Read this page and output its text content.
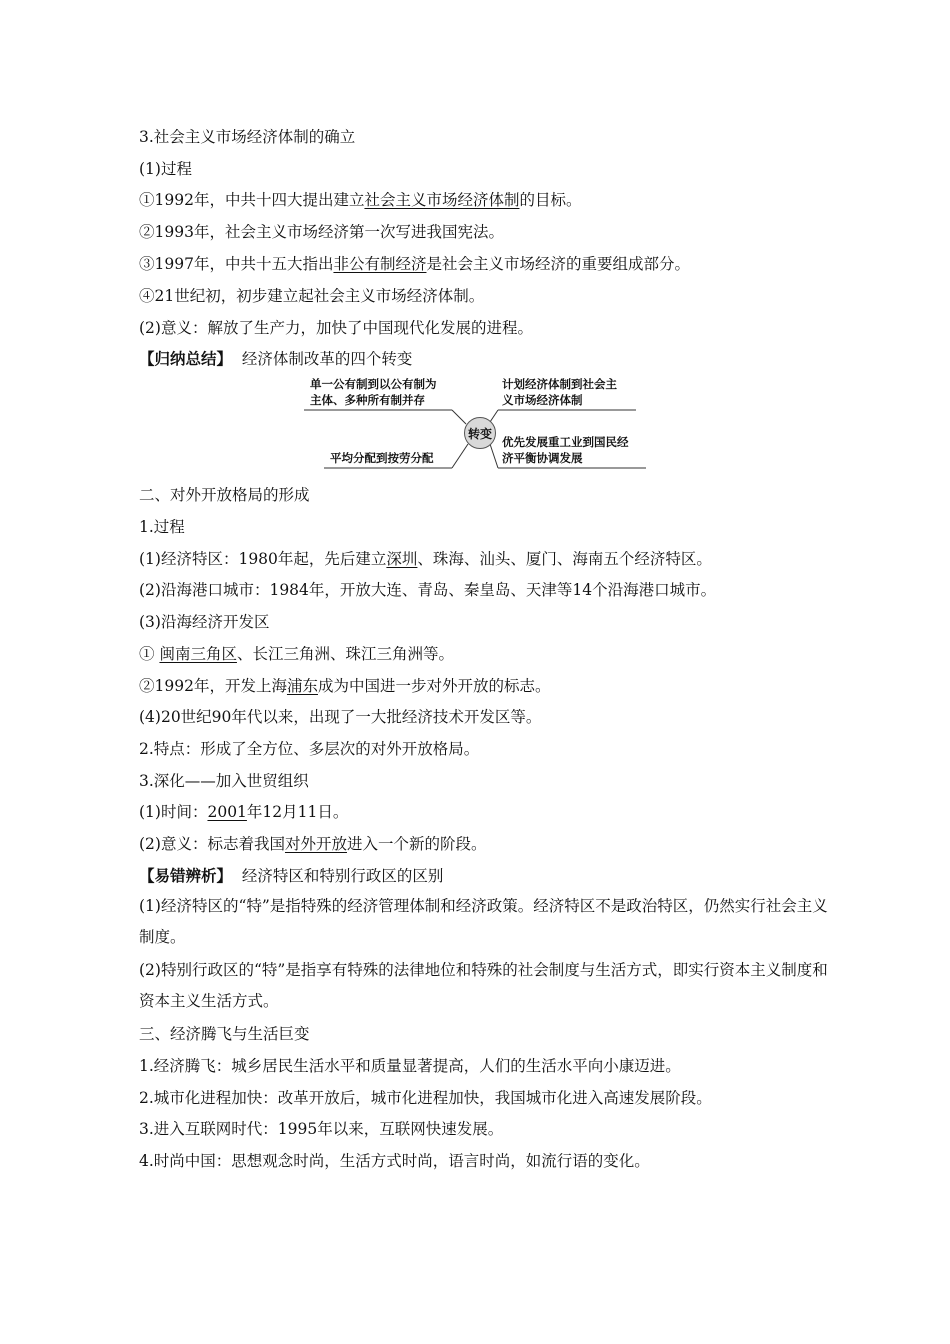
3.社会主义市场经济体制的确立
(1)过程
①1992年，中共十四大提出建立社会主义市场经济体制的目标。
②1993年，社会主义市场经济第一次写进我国宪法。
③1997年，中共十五大指出非公有制经济是社会主义市场经济的重要组成部分。
④21世纪初，初步建立起社会主义市场经济体制。
(2)意义：解放了生产力，加快了中国现代化发展的进程。
【归纳总结】 经济体制改革的四个转变
单一公有制到以公有制为
主体、多种所有制并存
计划经济体制到社会主
义市场经济体制
平均分配到按劳分配
优先发展重工业到国民经
济平衡协调发展
转变
二、对外开放格局的形成
1.过程
(1)经济特区：1980年起，先后建立深圳、珠海、汕头、厦门、海南五个经济特区。
(2)沿海港口城市：1984年，开放大连、青岛、秦皇岛、天津等14个沿海港口城市。
(3)沿海经济开发区
① 闽南三角区、长江三角洲、珠江三角洲等。
②1992年，开发上海浦东成为中国进一步对外开放的标志。
(4)20世纪90年代以来，出现了一大批经济技术开发区等。
2.特点：形成了全方位、多层次的对外开放格局。
3.深化——加入世贸组织
(1)时间：2001年12月11日。
(2)意义：标志着我国对外开放进入一个新的阶段。
【易错辨析】 经济特区和特别行政区的区别
(1)经济特区的“特”是指特殊的经济管理体制和经济政策。经济特区不是政治特区，仍然实行社会主义制度。
(2)特别行政区的“特”是指享有特殊的法律地位和特殊的社会制度与生活方式，即实行资本主义制度和资本主义生活方式。
三、经济腾飞与生活巨变
1.经济腾飞：城乡居民生活水平和质量显著提高，人们的生活水平向小康迈进。
2.城市化进程加快：改革开放后，城市化进程加快，我国城市化进入高速发展阶段。
3.进入互联网时代：1995年以来，互联网快速发展。
4.时尚中国：思想观念时尚，生活方式时尚，语言时尚，如流行语的变化。
